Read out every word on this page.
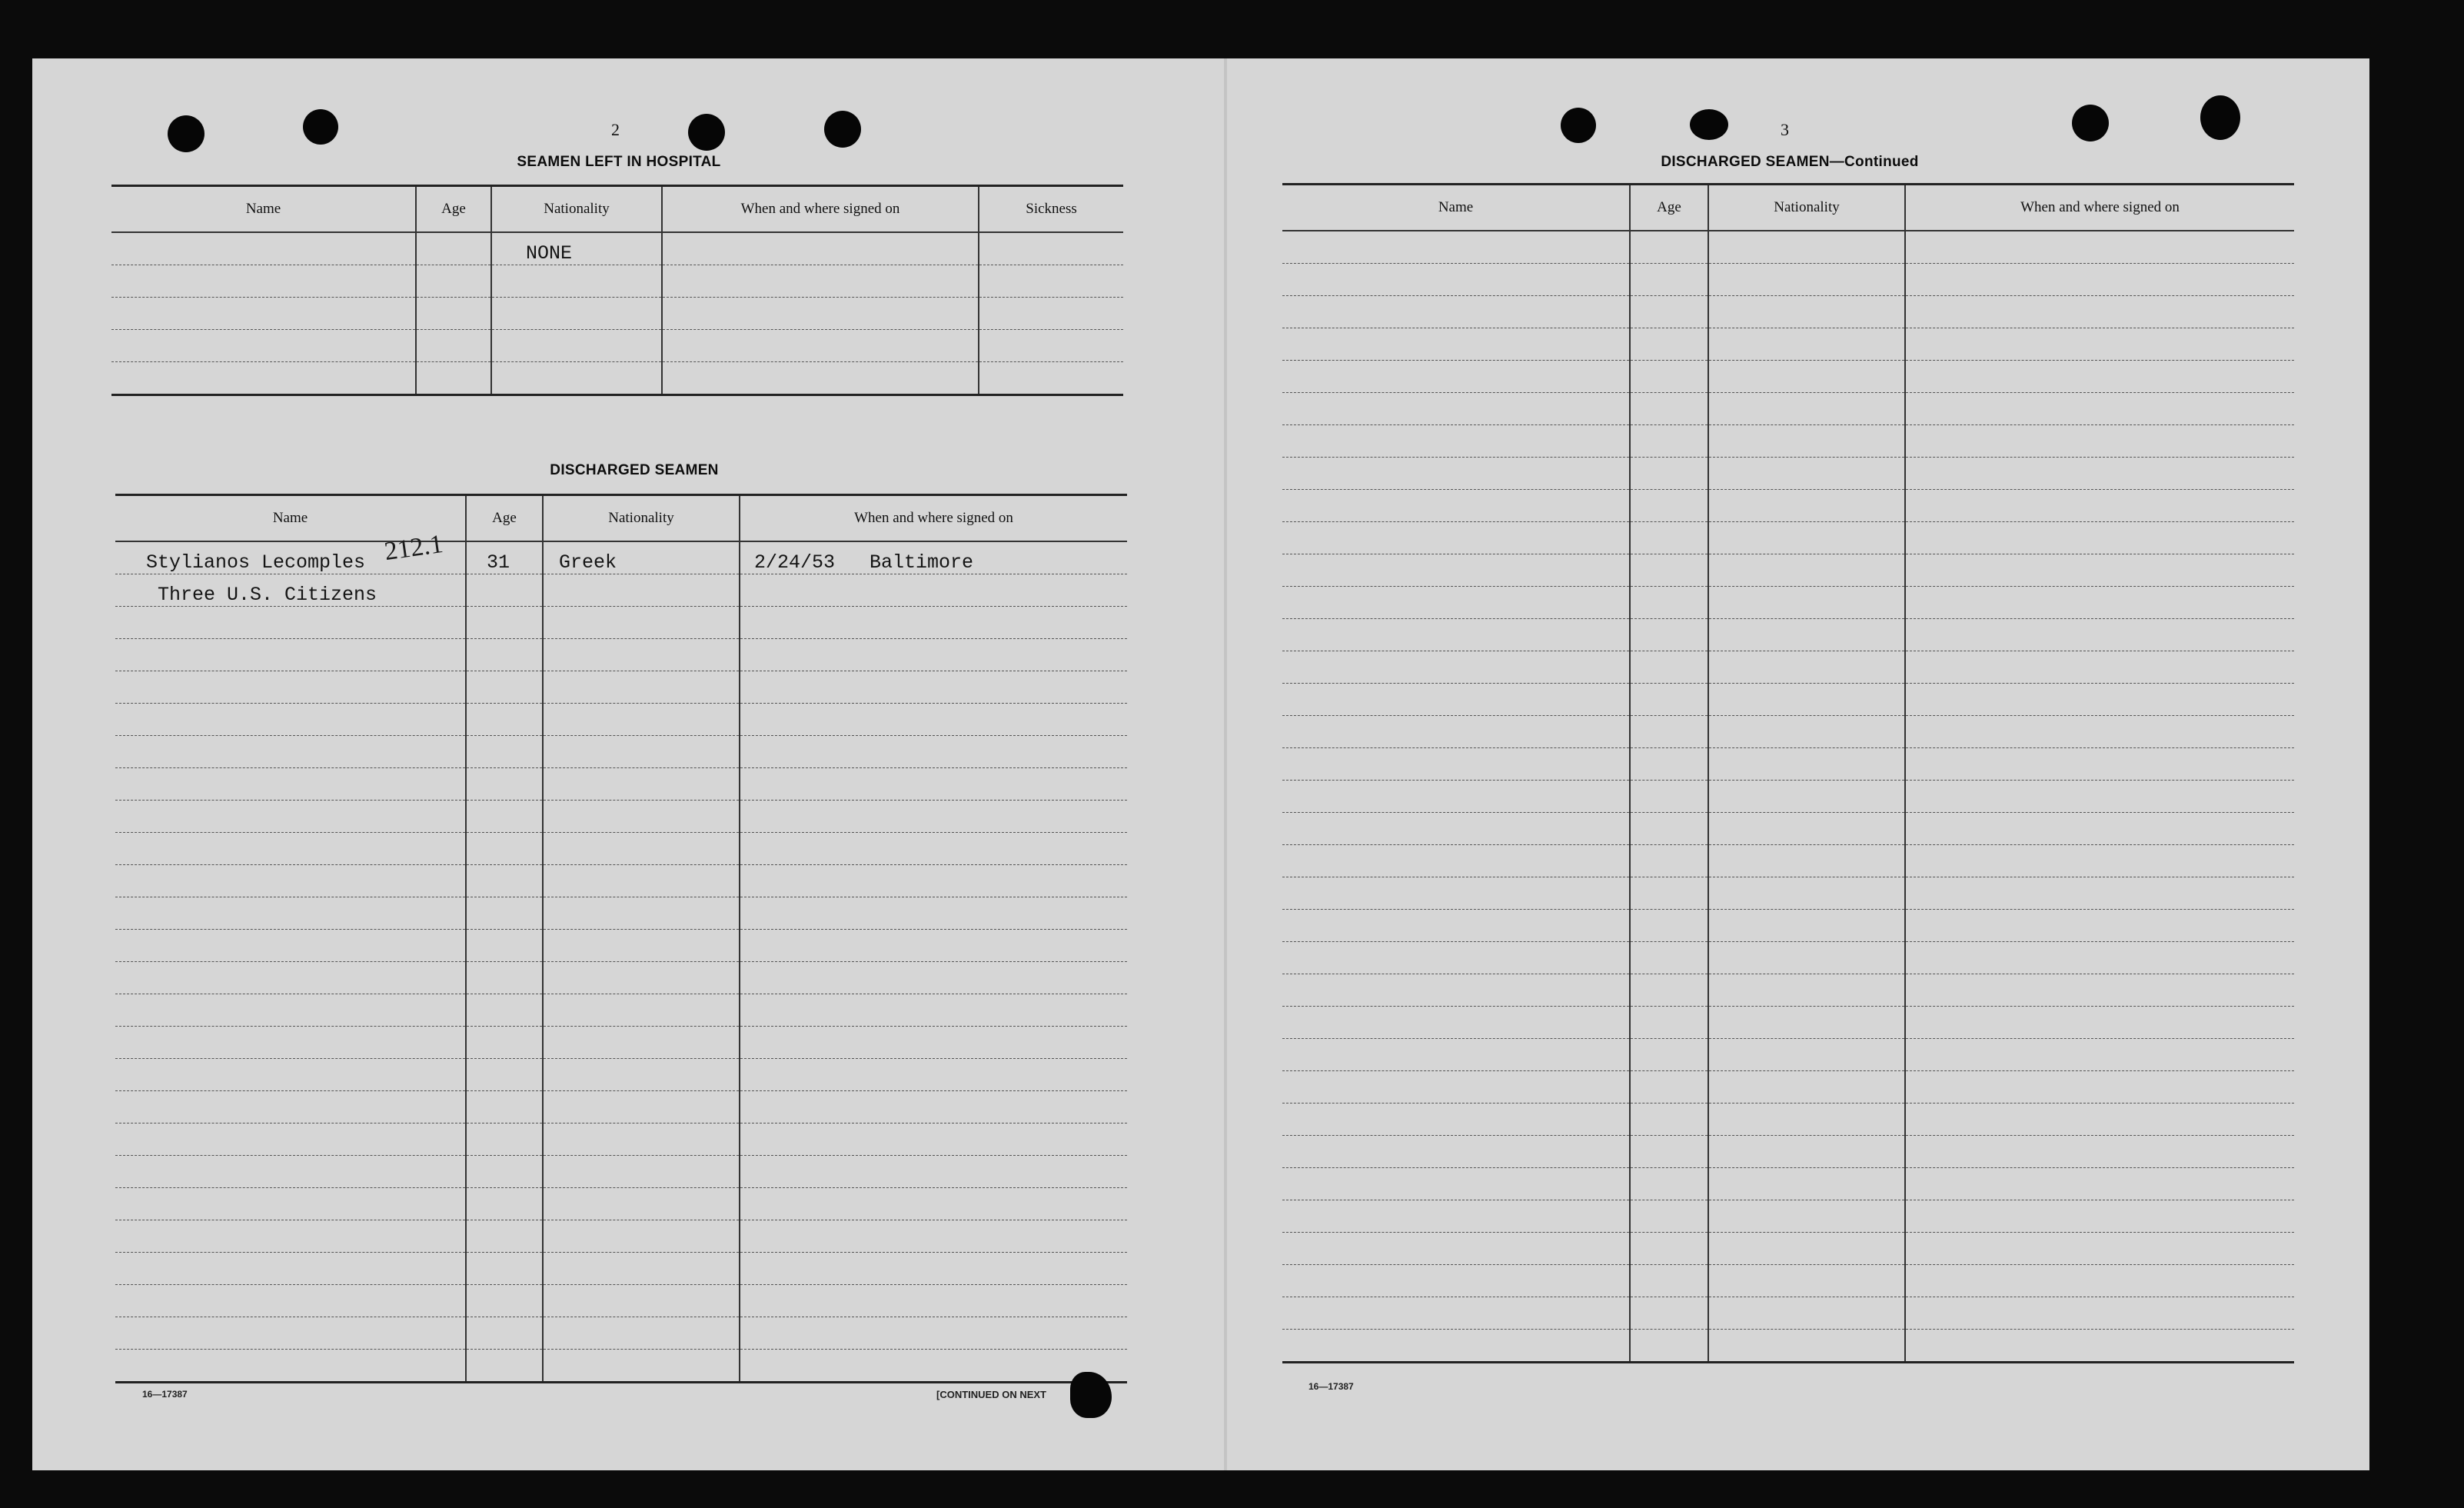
2
SEAMEN LEFT IN HOSPITAL
Name	Age	Nationality	When and where signed on	Sickness
		NONE		

DISCHARGED SEAMEN
Name	Age	Nationality	When and where signed on
Stylianos Lecomples	31	Greek	2/24/53   Baltimore
Three U.S. Citizens			

212.1
16—17387	[CONTINUED ON NEXT
3
DISCHARGED SEAMEN—Continued
Name	Age	Nationality	When and where signed on

16—17387
